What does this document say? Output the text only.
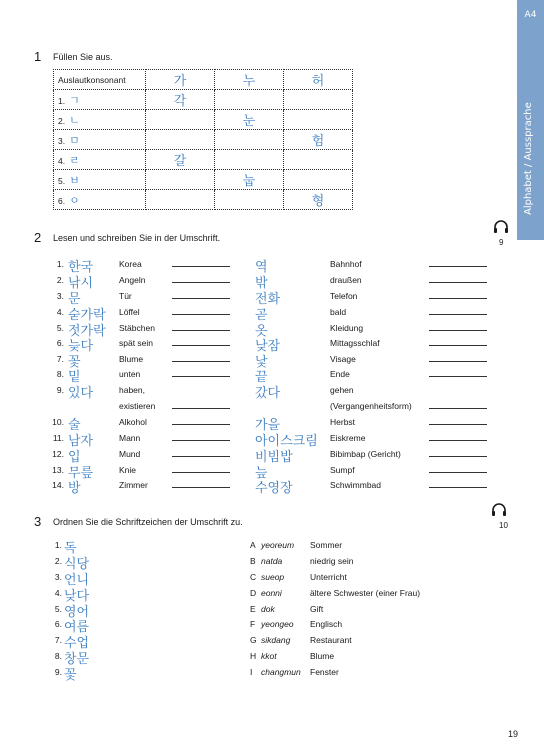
A4
Alphabet / Aussprache
1 Füllen Sie aus.
Auslautkonsonant	가	누	허
1. ㄱ	각		
2. ㄴ		눈	
3. ㅁ			험
4. ㄹ	갈		
5. ㅂ		눕	
6. ㅇ			형
2 Lesen und schreiben Sie in der Umschrift.	9
1. 한국	Korea
2. 낚시	Angeln
3. 문	Tür
4. 숟가락 Löffel
5. 젓가락 Stäbchen
6. 늦다	spät sein
7. 꽃	Blume
8. 밑	unten
9. 있다	haben,
existieren
10. 술	Alkohol
11. 남자	Mann
12. 입	Mund
13. 무릎	Knie
14. 방	Zimmer
역	Bahnhof
밖	draußen
전화	Telefon
곧	bald
옷	Kleidung
낮잠	Mittagsschlaf
낯	Visage
끝	Ende
갔다	gehen
(Vergangenheitsform)
가을	Herbst
아이스크림 Eiskreme
비빔밥	Bibimbap (Gericht)
늪	Sumpf
수영장	Schwimmbad
3 Ordnen Sie die Schriftzeichen der Umschrift zu.	10
1. 독
2. 식당
3. 언니
4. 낮다
5. 영어
6. 여름
7. 수업
8. 창문
9. 꽃
A yeoreum Sommer
B natda	niedrig sein
C sueop	Unterricht
D eonni	ältere Schwester (einer Frau)
E dok	Gift
F yeongeo Englisch
G sikdang Restaurant
H kkot	Blume
I changmun Fenster
19
